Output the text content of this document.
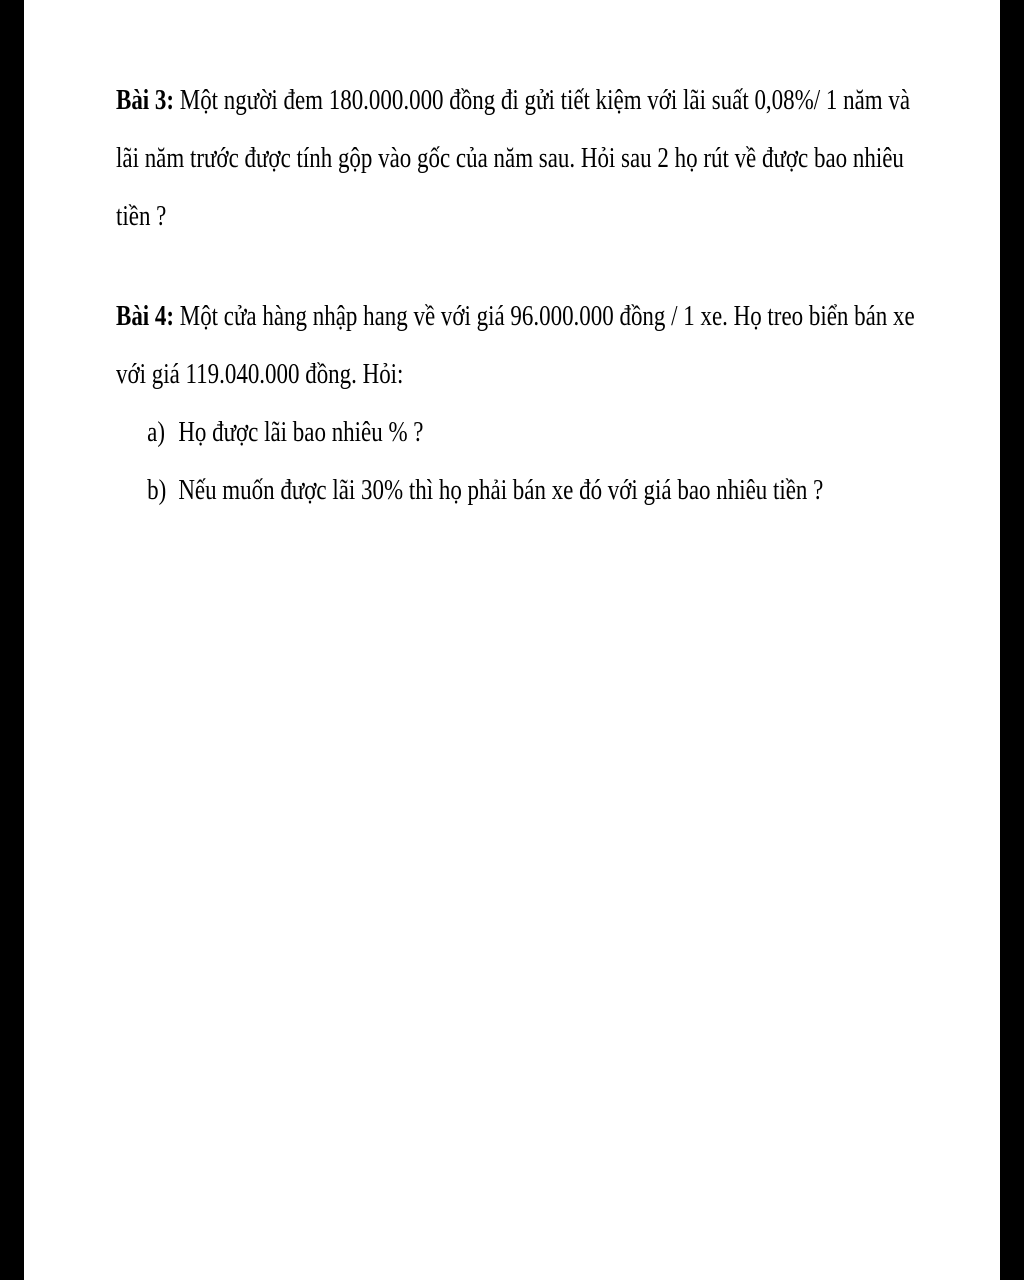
Bài 3: Một người đem 180.000.000 đồng đi gửi tiết kiệm với lãi suất 0,08%/ 1 năm và

lãi năm trước được tính gộp vào gốc của năm sau. Hỏi sau 2 họ rút về được bao nhiêu

tiền ?

Bài 4: Một cửa hàng nhập hang về với giá 96.000.000 đồng / 1 xe. Họ treo biển bán xe

với giá 119.040.000 đồng. Hỏi:

a) Họ được lãi bao nhiêu % ?
b) Nếu muốn được lãi 30% thì họ phải bán xe đó với giá bao nhiêu tiền ?
